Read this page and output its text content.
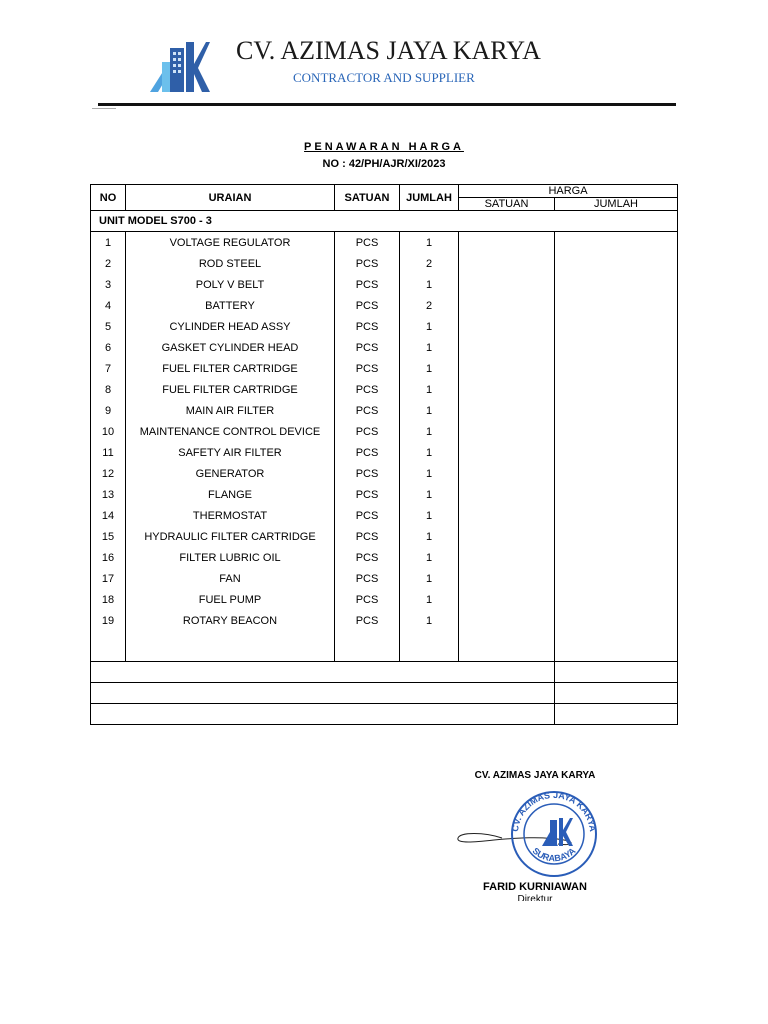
CV. AZIMAS JAYA KARYA
CONTRACTOR AND SUPPLIER
PENAWARAN HARGA
NO : 42/PH/AJR/XI/2023
NO	URAIAN	SATUAN	JUMLAH	HARGA	
				SATUAN	JUMLAH
UNIT MODEL S700 - 3					
1	VOLTAGE REGULATOR	PCS	1		
2	ROD STEEL	PCS	2		
3	POLY V BELT	PCS	1		
4	BATTERY	PCS	2		
5	CYLINDER HEAD ASSY	PCS	1		
6	GASKET CYLINDER HEAD	PCS	1		
7	FUEL FILTER CARTRIDGE	PCS	1		
8	FUEL FILTER CARTRIDGE	PCS	1		
9	MAIN AIR FILTER	PCS	1		
10	MAINTENANCE CONTROL DEVICE	PCS	1		
11	SAFETY AIR FILTER	PCS	1		
12	GENERATOR	PCS	1		
13	FLANGE	PCS	1		
14	THERMOSTAT	PCS	1		
15	HYDRAULIC FILTER CARTRIDGE	PCS	1		
16	FILTER LUBRIC OIL	PCS	1		
17	FAN	PCS	1		
18	FUEL PUMP	PCS	1		
19	ROTARY BEACON	PCS	1		

CV. AZIMAS JAYA KARYA
CV. AZIMAS JAYA KARYA
SURABAYA
FARID KURNIAWAN
Direktur
